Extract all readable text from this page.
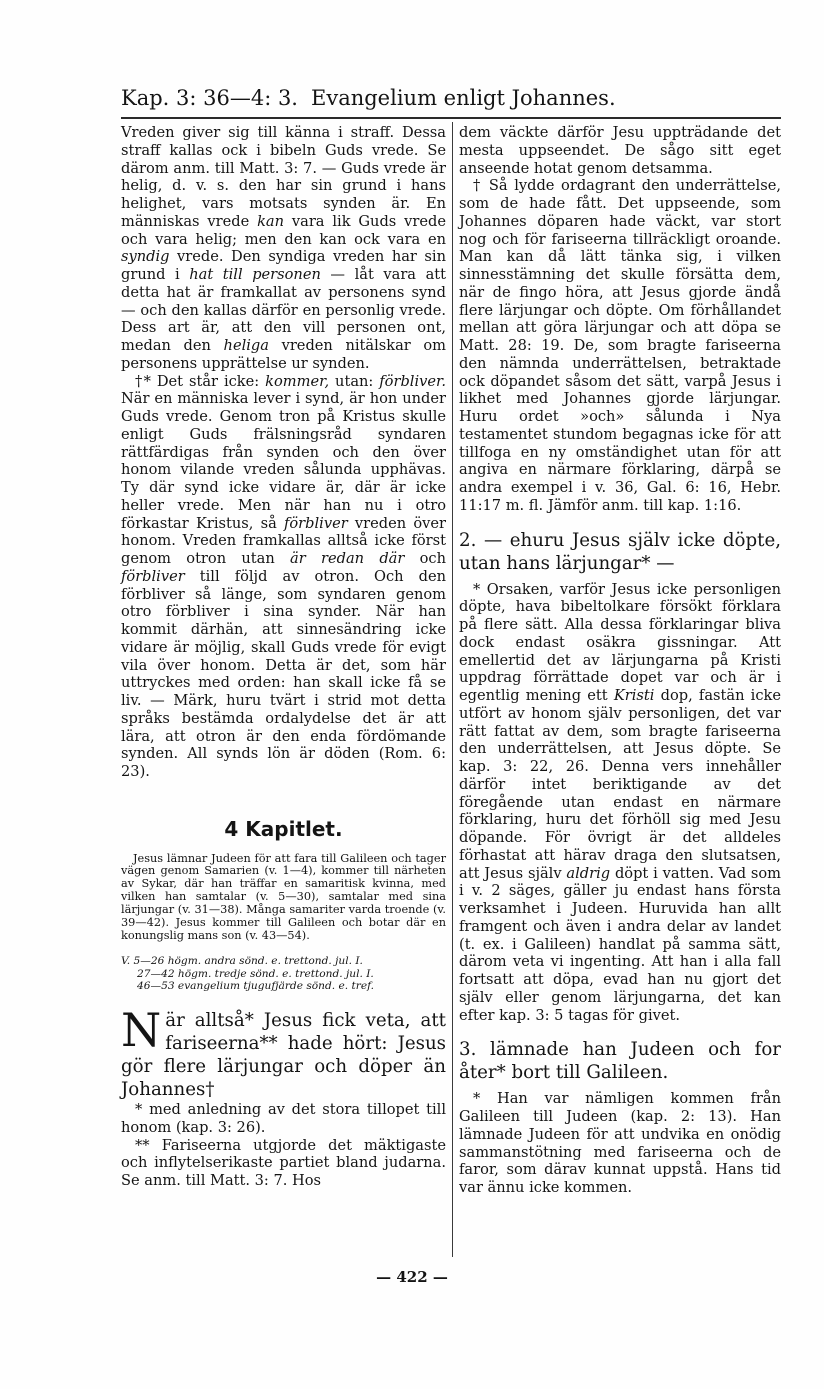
Kap. 3: 36—4: 3. Evangelium enligt Johannes.

Vreden giver sig till känna i straff. Dessa straff kallas ock i bibeln Guds vrede. Se därom anm. till Matt. 3: 7. — Guds vrede är helig, d. v. s. den har sin grund i hans helighet, vars motsats synden är. En människas vrede kan vara lik Guds vrede och vara helig; men den kan ock vara en syndig vrede. Den syndiga vreden har sin grund i hat till personen — låt vara att detta hat är framkallat av personens synd — och den kallas därför en personlig vrede. Dess art är, att den vill personen ont, medan den heliga vreden nitälskar om personens upprättelse ur synden.

†* Det står icke: kommer, utan: förbliver. När en människa lever i synd, är hon under Guds vrede. Genom tron på Kristus skulle enligt Guds frälsningsråd syndaren rättfärdigas från synden och den över honom vilande vreden sålunda upphävas. Ty där synd icke vidare är, där är icke heller vrede. Men när han nu i otro förkastar Kristus, så förbliver vreden över honom. Vreden framkallas alltså icke först genom otron utan är redan där och förbliver till följd av otron. Och den förbliver så länge, som syndaren genom otro förbliver i sina synder. När han kommit därhän, att sinnesändring icke vidare är möjlig, skall Guds vrede för evigt vila över honom. Detta är det, som här uttryckes med orden: han skall icke få se liv. — Märk, huru tvärt i strid mot detta språks bestämda ordalydelse det är att lära, att otron är den enda fördömande synden. All synds lön är döden (Rom. 6: 23).

4 Kapitlet.

Jesus lämnar Judeen för att fara till Galileen och tager vägen genom Samarien (v. 1—4), kommer till närheten av Sykar, där han träffar en samaritisk kvinna, med vilken han samtalar (v. 5—30), samtalar med sina lärjungar (v. 31—38). Många samariter varda troende (v. 39—42). Jesus kommer till Galileen och botar där en konungslig mans son (v. 43—54).

V. 5—26 högm. andra sönd. e. trettond. jul. I.
27—42 högm. tredje sönd. e. trettond. jul. I.
46—53 evangelium tjugufjärde sönd. e. tref.

När alltså* Jesus fick veta, att fariseerna** hade hört: Jesus gör flere lärjungar och döper än Johannes†

* med anledning av det stora tillopet till honom (kap. 3: 26).

** Fariseerna utgjorde det mäktigaste och inflytelserikaste partiet bland judarna. Se anm. till Matt. 3: 7. Hos

dem väckte därför Jesu uppträdande det mesta uppseendet. De sågo sitt eget anseende hotat genom detsamma.

† Så lydde ordagrant den underrättelse, som de hade fått. Det uppseende, som Johannes döparen hade väckt, var stort nog och för fariseerna tillräckligt oroande. Man kan då lätt tänka sig, i vilken sinnesstämning det skulle försätta dem, när de fingo höra, att Jesus gjorde ändå flere lärjungar och döpte. Om förhållandet mellan att göra lärjungar och att döpa se Matt. 28: 19. De, som bragte fariseerna den nämnda underrättelsen, betraktade ock döpandet såsom det sätt, varpå Jesus i likhet med Johannes gjorde lärjungar. Huru ordet »och» sålunda i Nya testamentet stundom begagnas icke för att tillfoga en ny omständighet utan för att angiva en närmare förklaring, därpå se andra exempel i v. 36, Gal. 6: 16, Hebr. 11:17 m. fl. Jämför anm. till kap. 1:16.

2. — ehuru Jesus själv icke döpte, utan hans lärjungar* —

* Orsaken, varför Jesus icke personligen döpte, hava bibeltolkare försökt förklara på flere sätt. Alla dessa förklaringar bliva dock endast osäkra gissningar. Att emellertid det av lärjungarna på Kristi uppdrag förrättade dopet var och är i egentlig mening ett Kristi dop, fastän icke utfört av honom själv personligen, det var rätt fattat av dem, som bragte fariseerna den underrättelsen, att Jesus döpte. Se kap. 3: 22, 26. Denna vers innehåller därför intet beriktigande av det föregående utan endast en närmare förklaring, huru det förhöll sig med Jesu döpande. För övrigt är det alldeles förhastat att härav draga den slutsatsen, att Jesus själv aldrig döpt i vatten. Vad som i v. 2 säges, gäller ju endast hans första verksamhet i Judeen. Huruvida han allt framgent och även i andra delar av landet (t. ex. i Galileen) handlat på samma sätt, därom veta vi ingenting. Att han i alla fall fortsatt att döpa, evad han nu gjort det själv eller genom lärjungarna, det kan efter kap. 3: 5 tagas för givet.

3. lämnade han Judeen och for åter* bort till Galileen.

* Han var nämligen kommen från Galileen till Judeen (kap. 2: 13). Han lämnade Judeen för att undvika en onödig sammanstötning med fariseerna och de faror, som därav kunnat uppstå. Hans tid var ännu icke kommen.

— 422 —
